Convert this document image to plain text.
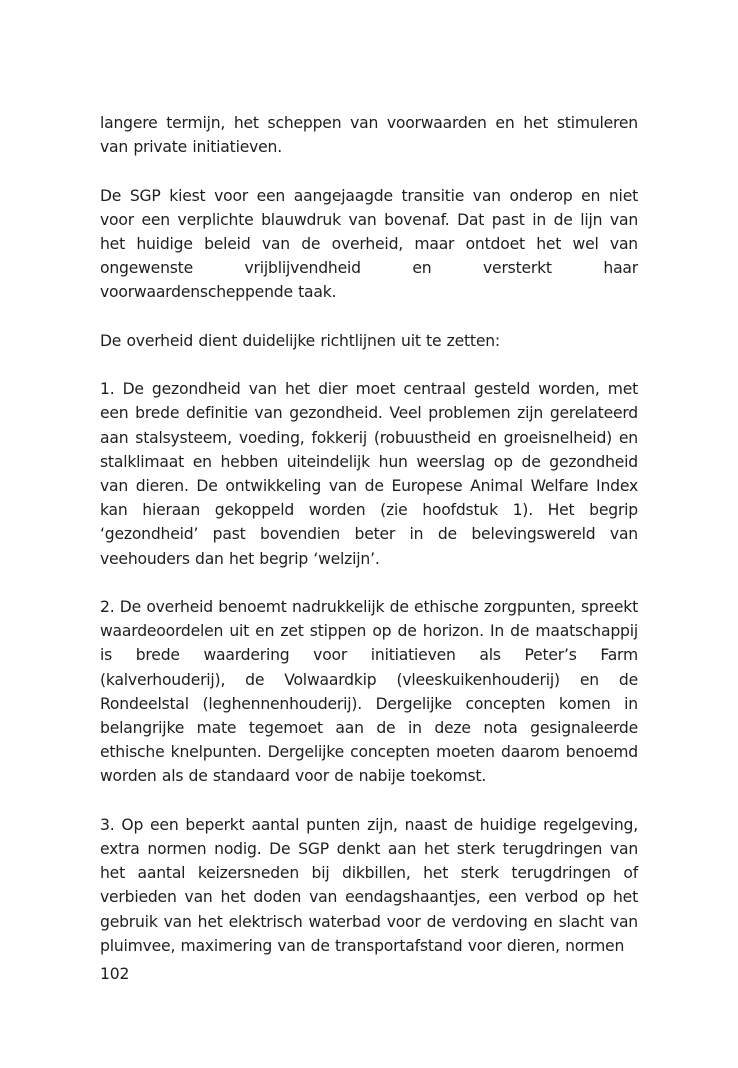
langere termijn, het scheppen van voorwaarden en het stimuleren van private initiatieven.

De SGP kiest voor een aangejaagde transitie van onderop en niet voor een verplichte blauwdruk van bovenaf. Dat past in de lijn van het huidige beleid van de overheid, maar ontdoet het wel van ongewenste vrijblijvendheid en versterkt haar voorwaardenscheppende taak.

De overheid dient duidelijke richtlijnen uit te zetten:

1. De gezondheid van het dier moet centraal gesteld worden, met een brede definitie van gezondheid. Veel problemen zijn gerelateerd aan stalsysteem, voeding, fokkerij (robuustheid en groeisnelheid) en stalklimaat en hebben uiteindelijk hun weerslag op de gezondheid van dieren. De ontwikkeling van de Europese Animal Welfare Index kan hieraan gekoppeld worden (zie hoofdstuk 1). Het begrip ‘gezondheid’ past bovendien beter in de belevingswereld van veehouders dan het begrip ‘welzijn’.

2. De overheid benoemt nadrukkelijk de ethische zorgpunten, spreekt waardeoordelen uit en zet stippen op de horizon. In de maatschappij is brede waardering voor initiatieven als Peter’s Farm (kalverhouderij), de Volwaardkip (vleeskuikenhouderij) en de Rondeelstal (leghennenhouderij). Dergelijke concepten komen in belangrijke mate tegemoet aan de in deze nota gesignaleerde ethische knelpunten. Dergelijke concepten moeten daarom benoemd worden als de standaard voor de nabije toekomst.

3. Op een beperkt aantal punten zijn, naast de huidige regelgeving, extra normen nodig. De SGP denkt aan het sterk terugdringen van het aantal keizersneden bij dikbillen, het sterk terugdringen of verbieden van het doden van eendagshaantjes, een verbod op het gebruik van het elektrisch waterbad voor de verdoving en slacht van pluimvee, maximering van de transportafstand voor dieren, normen

102
